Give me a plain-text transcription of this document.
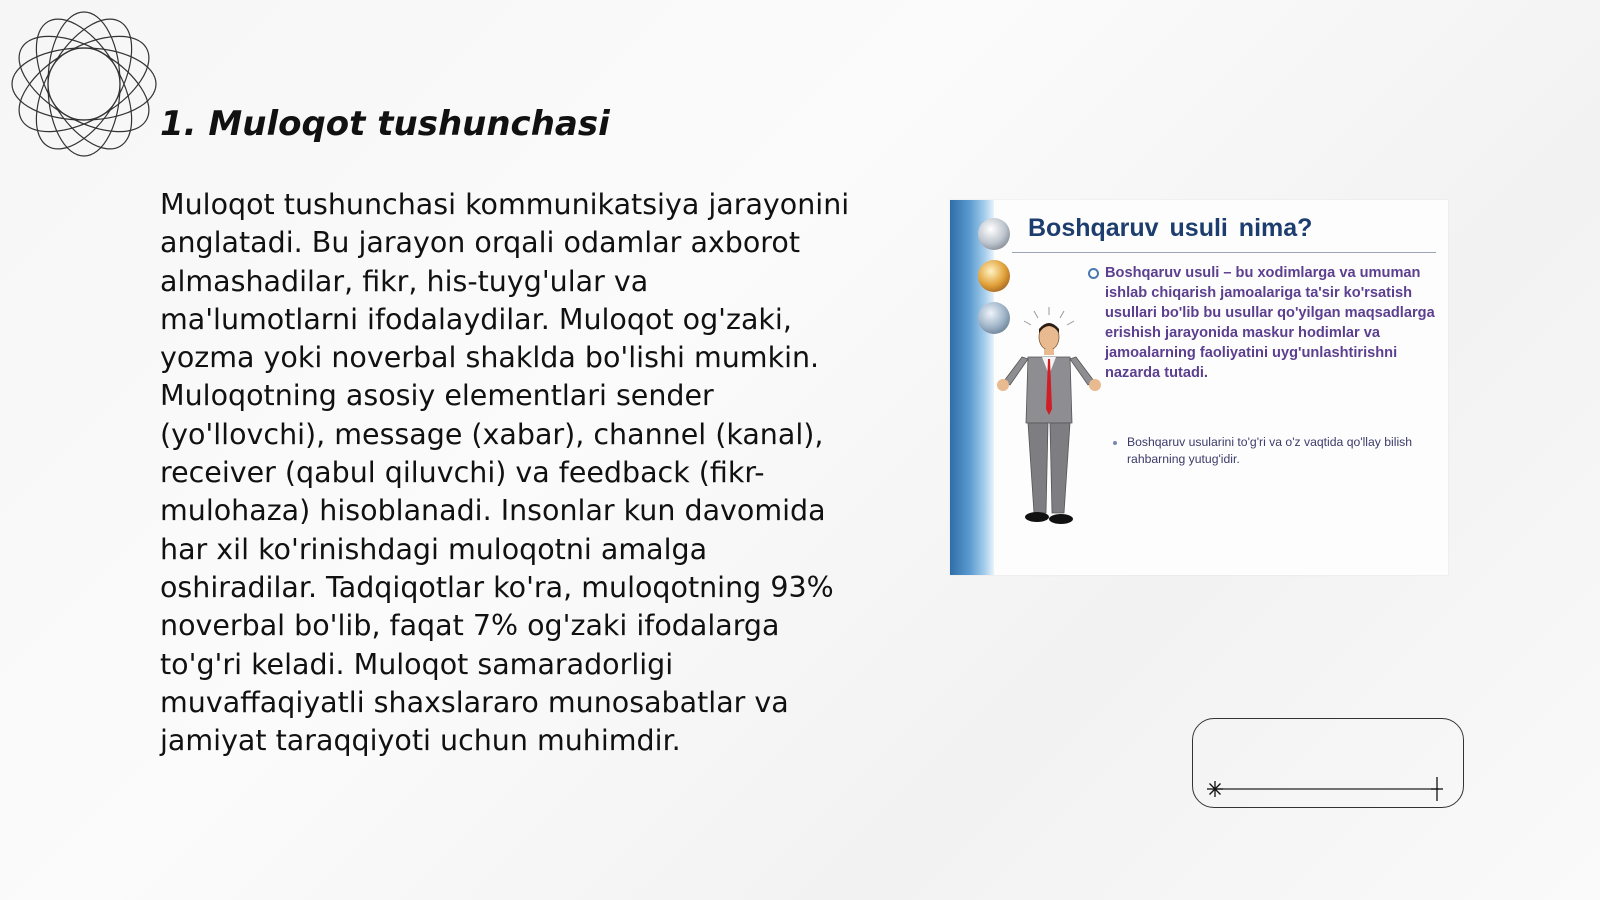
1. Muloqot tushunchasi

Muloqot tushunchasi kommunikatsiya jarayonini anglatadi. Bu jarayon orqali odamlar axborot almashadilar, fikr, his-tuyg'ular va ma'lumotlarni ifodalaydilar. Muloqot og'zaki, yozma yoki noverbal shaklda bo'lishi mumkin. Muloqotning asosiy elementlari sender (yo'llovchi), message (xabar), channel (kanal), receiver (qabul qiluvchi) va feedback (fikr-mulohaza) hisoblanadi. Insonlar kun davomida har xil ko'rinishdagi muloqotni amalga oshiradilar. Tadqiqotlar ko'ra, muloqotning 93% noverbal bo'lib, faqat 7% og'zaki ifodalarga to'g'ri keladi. Muloqot samaradorligi muvaffaqiyatli shaxslararo munosabatlar va jamiyat taraqqiyoti uchun muhimdir.

Boshqaruv usuli nima?

Boshqaruv usuli – bu xodimlarga va umuman ishlab chiqarish jamoalariga ta'sir ko'rsatish usullari bo'lib bu usullar qo'yilgan maqsadlarga erishish jarayonida maskur hodimlar va jamoalarning faoliyatini uyg'unlashtirishni nazarda tutadi.

Boshqaruv usularini to'g'ri va o'z vaqtida qo'llay bilish rahbarning yutug'idir.
